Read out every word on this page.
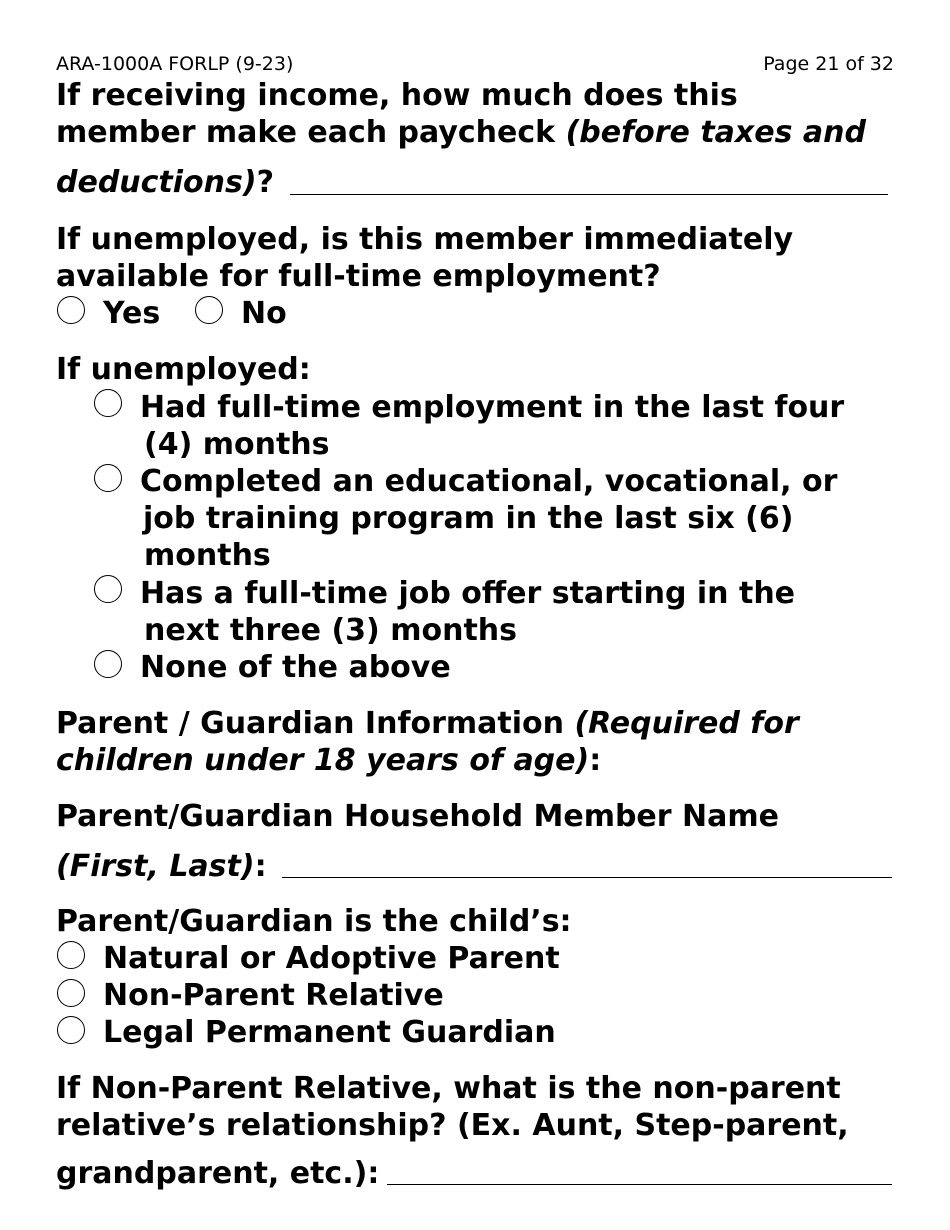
ARA-1000A FORLP (9-23)	Page 21 of 32
If receiving income, how much does this
member make each paycheck (before taxes and
deductions)?
If unemployed, is this member immediately
available for full-time employment?
Yes	No
If unemployed:
Had full-time employment in the last four
(4) months
Completed an educational, vocational, or
job training program in the last six (6)
months
Has a full-time job offer starting in the
next three (3) months
None of the above
Parent / Guardian Information (Required for
children under 18 years of age):
Parent/Guardian Household Member Name
(First, Last):
Parent/Guardian is the child’s:
Natural or Adoptive Parent
Non-Parent Relative
Legal Permanent Guardian
If Non-Parent Relative, what is the non-parent
relative’s relationship? (Ex. Aunt, Step-parent,
grandparent, etc.):
